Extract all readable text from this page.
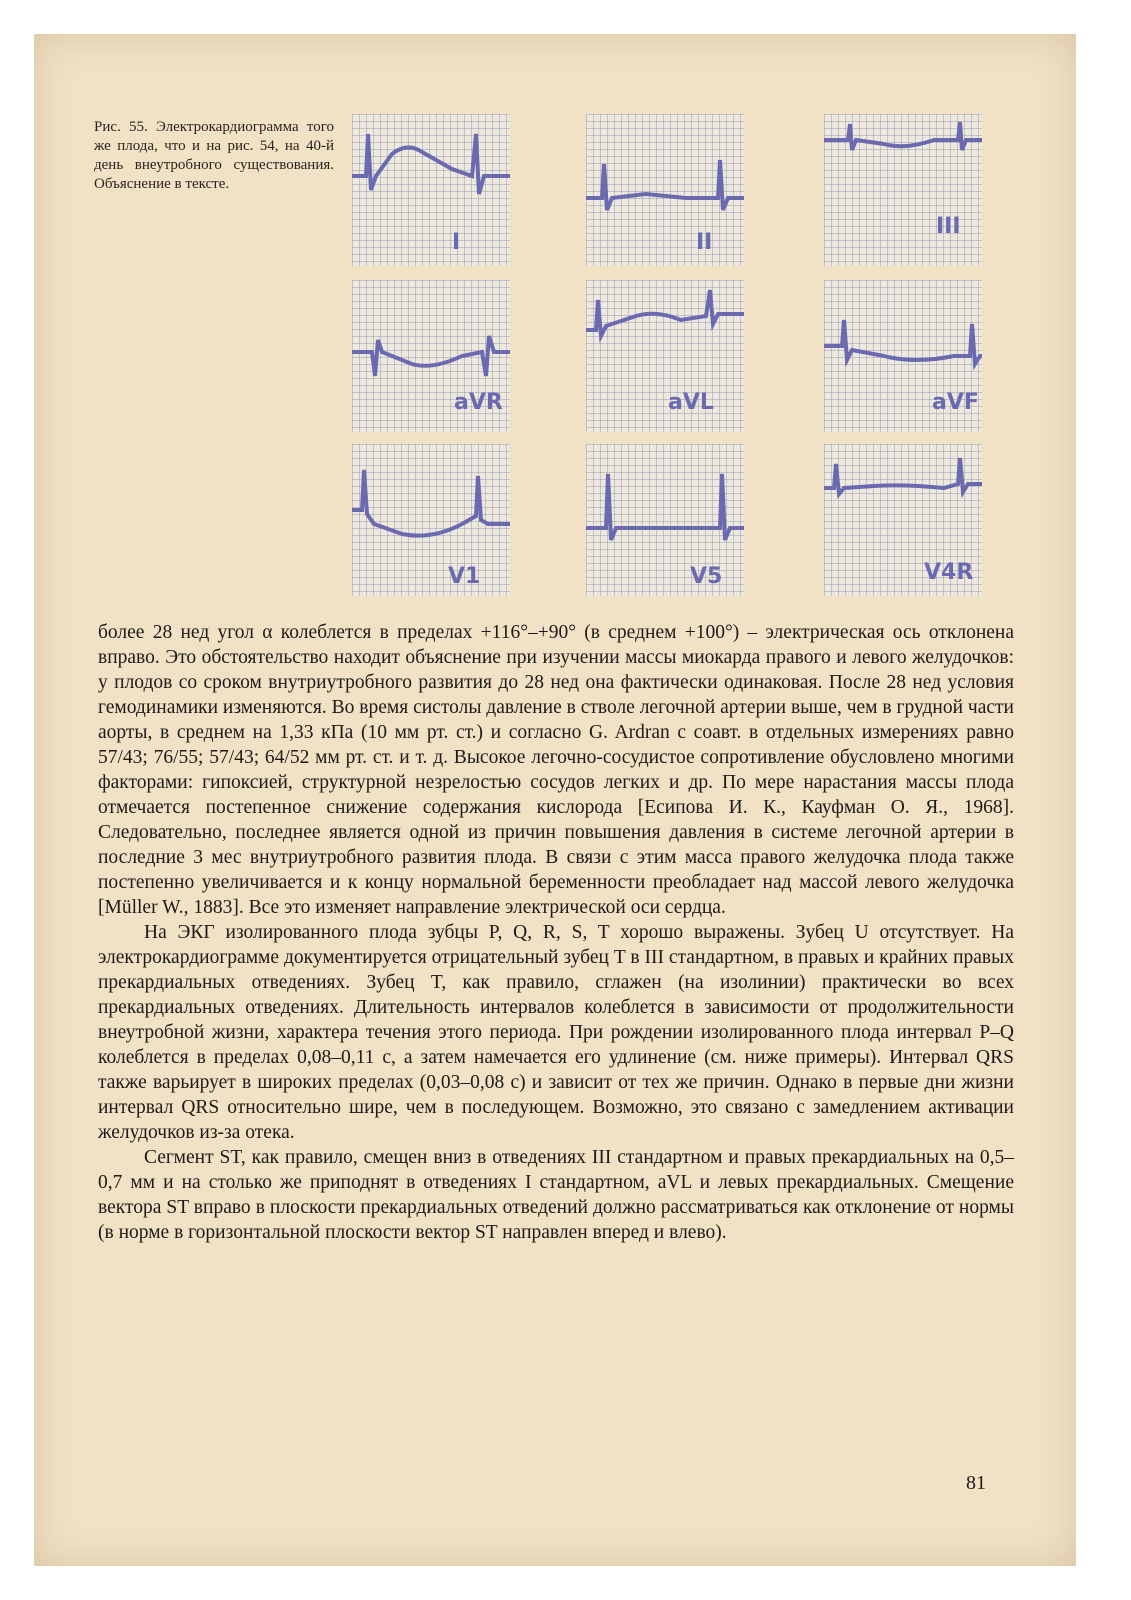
Рис. 55. Электрокардиограмма того же плода, что и на рис. 54, на 40-й день внеутробного существования. Объяснение в тексте.
I	II
III
aVR	aVL	aVF
V1	V5	V4R

более 28 нед угол α колеблется в пределах +116°–+90° (в среднем +100°) – электрическая ось отклонена вправо. Это обстоятельство находит объяснение при изучении массы миокарда правого и левого желудочков: у плодов со сроком внутриутробного развития до 28 нед она фактически одинаковая. После 28 нед условия гемодинамики изменяются. Во время систолы давление в стволе легочной артерии выше, чем в грудной части аорты, в среднем на 1,33 кПа (10 мм рт. ст.) и согласно G. Ardran с соавт. в отдельных измерениях равно 57/43; 76/55; 57/43; 64/52 мм рт. ст. и т. д. Высокое легочно-сосудистое сопротивление обусловлено многими факторами: гипоксией, структурной незрелостью сосудов легких и др. По мере нарастания массы плода отмечается постепенное снижение содержания кислорода [Есипова И. К., Кауфман О. Я., 1968]. Следовательно, последнее является одной из причин повышения давления в системе легочной артерии в последние 3 мес внутриутробного развития плода. В связи с этим масса правого желудочка плода также постепенно увеличивается и к концу нормальной беременности преобладает над массой левого желудочка [Müller W., 1883]. Все это изменяет направление электрической оси сердца.

На ЭКГ изолированного плода зубцы P, Q, R, S, T хорошо выражены. Зубец U отсутствует. На электрокардиограмме документируется отрицательный зубец T в III стандартном, в правых и крайних правых прекардиальных отведениях. Зубец T, как правило, сглажен (на изолинии) практически во всех прекардиальных отведениях. Длительность интервалов колеблется в зависимости от продолжительности внеутробной жизни, характера течения этого периода. При рождении изолированного плода интервал P–Q колеблется в пределах 0,08–0,11 с, а затем намечается его удлинение (см. ниже примеры). Интервал QRS также варьирует в широких пределах (0,03–0,08 с) и зависит от тех же причин. Однако в первые дни жизни интервал QRS относительно шире, чем в последующем. Возможно, это связано с замедлением активации желудочков из-за отека.

Сегмент ST, как правило, смещен вниз в отведениях III стандартном и правых прекардиальных на 0,5–0,7 мм и на столько же приподнят в отведениях I стандартном, aVL и левых прекардиальных. Смещение вектора ST вправо в плоскости прекардиальных отведений должно рассматриваться как отклонение от нормы (в норме в горизонтальной плоскости вектор ST направлен вперед и влево).

81
